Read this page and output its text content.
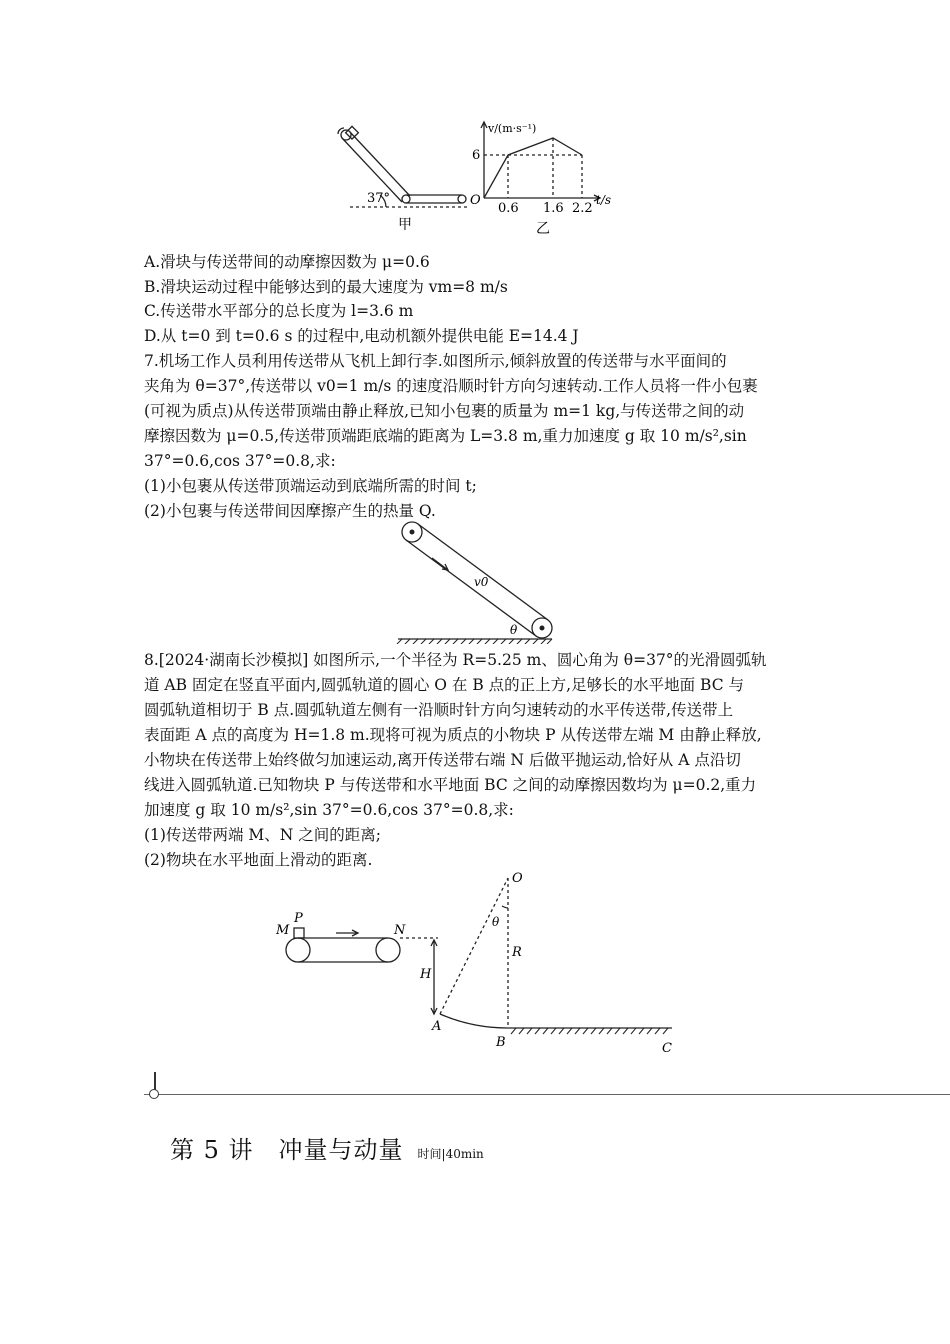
37°
甲
v/(m·s⁻¹)
t/s
O
6
0.6 1.6 2.2
乙
A.滑块与传送带间的动摩擦因数为 μ=0.6
B.滑块运动过程中能够达到的最大速度为 vm=8 m/s
C.传送带水平部分的总长度为 l=3.6 m
D.从 t=0 到 t=0.6 s 的过程中,电动机额外提供电能 E=14.4 J
7.机场工作人员利用传送带从飞机上卸行李.如图所示,倾斜放置的传送带与水平面间的
夹角为 θ=37°,传送带以 v0=1 m/s 的速度沿顺时针方向匀速转动.工作人员将一件小包裹
(可视为质点)从传送带顶端由静止释放,已知小包裹的质量为 m=1 kg,与传送带之间的动
摩擦因数为 μ=0.5,传送带顶端距底端的距离为 L=3.8 m,重力加速度 g 取 10 m/s²,sin
37°=0.6,cos 37°=0.8,求:
(1)小包裹从传送带顶端运动到底端所需的时间 t;
(2)小包裹与传送带间因摩擦产生的热量 Q.
v0
θ
8.[2024·湖南长沙模拟] 如图所示,一个半径为 R=5.25 m、圆心角为 θ=37°的光滑圆弧轨
道 AB 固定在竖直平面内,圆弧轨道的圆心 O 在 B 点的正上方,足够长的水平地面 BC 与
圆弧轨道相切于 B 点.圆弧轨道左侧有一沿顺时针方向匀速转动的水平传送带,传送带上
表面距 A 点的高度为 H=1.8 m.现将可视为质点的小物块 P 从传送带左端 M 由静止释放,
小物块在传送带上始终做匀加速运动,离开传送带右端 N 后做平抛运动,恰好从 A 点沿切
线进入圆弧轨道.已知物块 P 与传送带和水平地面 BC 之间的动摩擦因数均为 μ=0.2,重力
加速度 g 取 10 m/s²,sin 37°=0.6,cos 37°=0.8,求:
(1)传送带两端 M、N 之间的距离;
(2)物块在水平地面上滑动的距离.
M
P
N
H
O
θ
R
A
B	C
第 5 讲　冲量与动量 时间|40min
